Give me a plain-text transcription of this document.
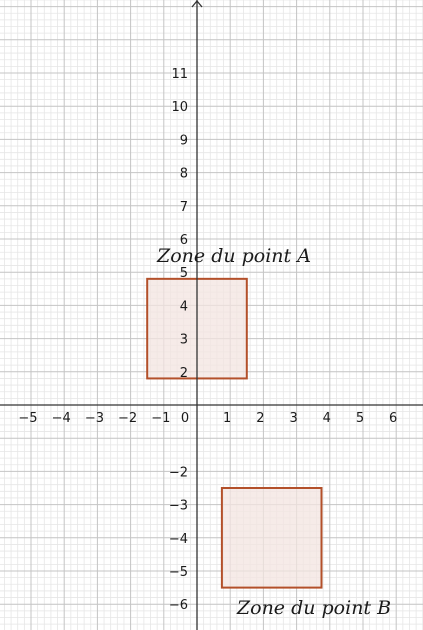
−5 −4 −3 −2 −1	1 2 3 4 5 6
−6
−5
−4
−3
−2
2
3
4
5
6
7
8
9
10
11
0
Zone du point A
Zone du point B
